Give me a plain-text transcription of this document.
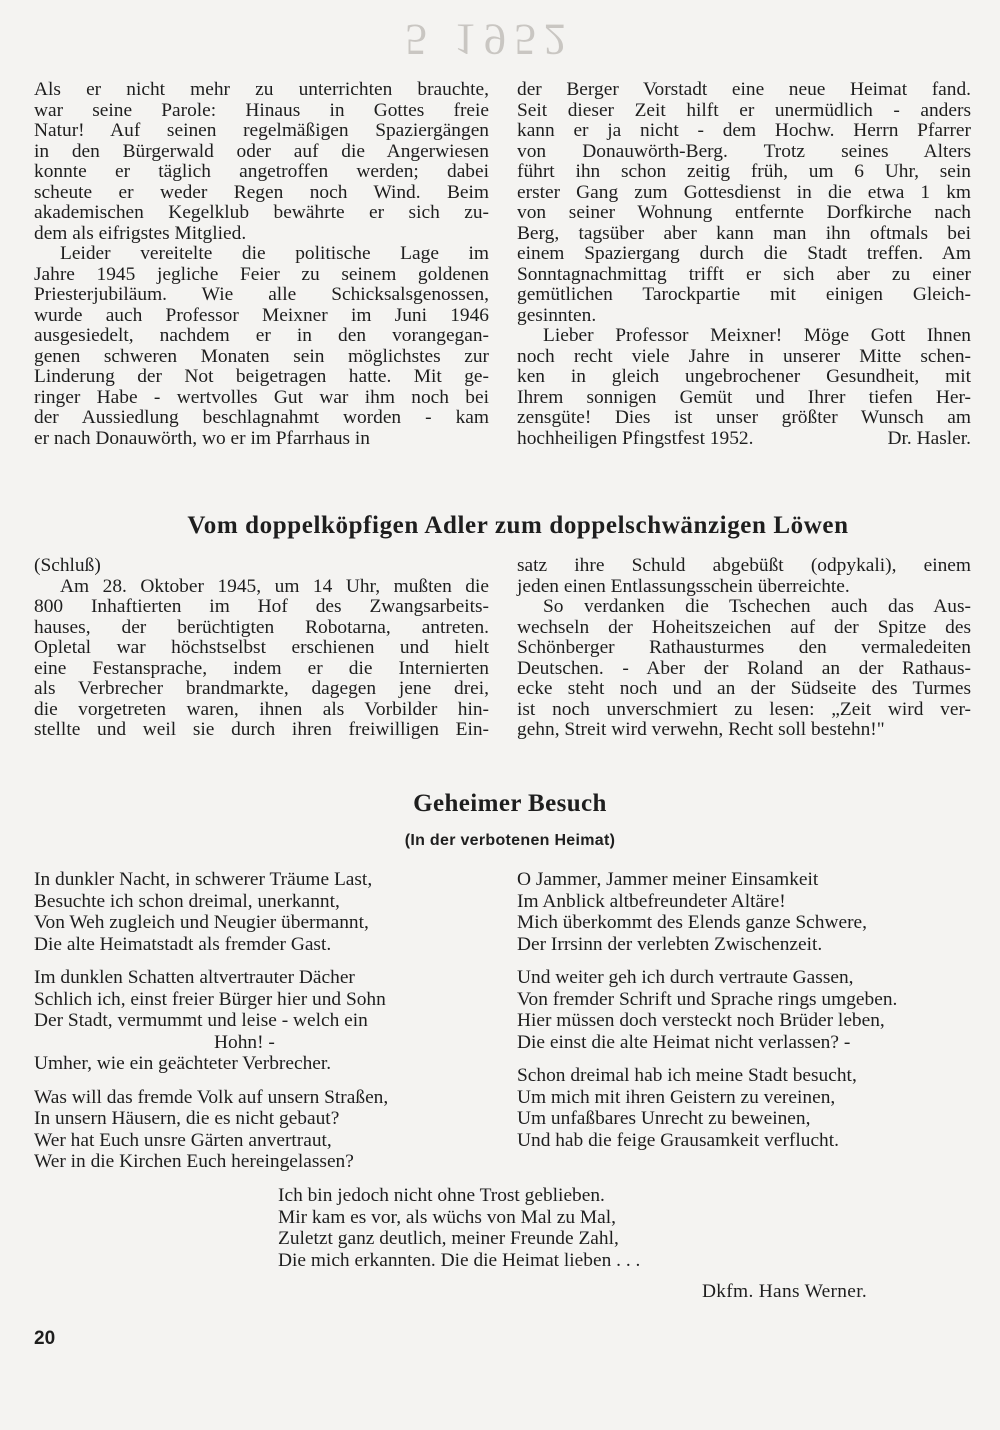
5 1952
Als er nicht mehr zu unterrichten brauchte,
war seine Parole: Hinaus in Gottes freie
Natur! Auf seinen regelmäßigen Spaziergängen
in den Bürgerwald oder auf die Angerwiesen
konnte er täglich angetroffen werden; dabei
scheute er weder Regen noch Wind. Beim
akademischen Kegelklub bewährte er sich zu-
dem als eifrigstes Mitglied.
Leider vereitelte die politische Lage im
Jahre 1945 jegliche Feier zu seinem goldenen
Priesterjubiläum. Wie alle Schicksalsgenossen,
wurde auch Professor Meixner im Juni 1946
ausgesiedelt, nachdem er in den vorangegan-
genen schweren Monaten sein möglichstes zur
Linderung der Not beigetragen hatte. Mit ge-
ringer Habe - wertvolles Gut war ihm noch bei
der Aussiedlung beschlagnahmt worden - kam
er nach Donauwörth, wo er im Pfarrhaus in
der Berger Vorstadt eine neue Heimat fand.
Seit dieser Zeit hilft er unermüdlich - anders
kann er ja nicht - dem Hochw. Herrn Pfarrer
von Donauwörth-Berg. Trotz seines Alters
führt ihn schon zeitig früh, um 6 Uhr, sein
erster Gang zum Gottesdienst in die etwa 1 km
von seiner Wohnung entfernte Dorfkirche nach
Berg, tagsüber aber kann man ihn oftmals bei
einem Spaziergang durch die Stadt treffen. Am
Sonntagnachmittag trifft er sich aber zu einer
gemütlichen Tarockpartie mit einigen Gleich-
gesinnten.
Lieber Professor Meixner! Möge Gott Ihnen
noch recht viele Jahre in unserer Mitte schen-
ken in gleich ungebrochener Gesundheit, mit
Ihrem sonnigen Gemüt und Ihrer tiefen Her-
zensgüte! Dies ist unser größter Wunsch am
hochheiligen Pfingstfest 1952.	Dr. Hasler.
Vom doppelköpfigen Adler zum doppelschwänzigen Löwen
(Schluß)
Am 28. Oktober 1945, um 14 Uhr, mußten die
800 Inhaftierten im Hof des Zwangsarbeits-
hauses, der berüchtigten Robotarna, antreten.
Opletal war höchstselbst erschienen und hielt
eine Festansprache, indem er die Internierten
als Verbrecher brandmarkte, dagegen jene drei,
die vorgetreten waren, ihnen als Vorbilder hin-
stellte und weil sie durch ihren freiwilligen Ein-
satz ihre Schuld abgebüßt (odpykali), einem
jeden einen Entlassungsschein überreichte.
So verdanken die Tschechen auch das Aus-
wechseln der Hoheitszeichen auf der Spitze des
Schönberger Rathausturmes den vermaledeiten
Deutschen. - Aber der Roland an der Rathaus-
ecke steht noch und an der Südseite des Turmes
ist noch unverschmiert zu lesen: „Zeit wird ver-
gehn, Streit wird verwehn, Recht soll bestehn!"
Geheimer Besuch
(In der verbotenen Heimat)
In dunkler Nacht, in schwerer Träume Last,
Besuchte ich schon dreimal, unerkannt,
Von Weh zugleich und Neugier übermannt,
Die alte Heimatstadt als fremder Gast.
Im dunklen Schatten altvertrauter Dächer
Schlich ich, einst freier Bürger hier und Sohn
Der Stadt, vermummt und leise - welch ein
Hohn! -
Umher, wie ein geächteter Verbrecher.
Was will das fremde Volk auf unsern Straßen,
In unsern Häusern, die es nicht gebaut?
Wer hat Euch unsre Gärten anvertraut,
Wer in die Kirchen Euch hereingelassen?
O Jammer, Jammer meiner Einsamkeit
Im Anblick altbefreundeter Altäre!
Mich überkommt des Elends ganze Schwere,
Der Irrsinn der verlebten Zwischenzeit.
Und weiter geh ich durch vertraute Gassen,
Von fremder Schrift und Sprache rings umgeben.
Hier müssen doch versteckt noch Brüder leben,
Die einst die alte Heimat nicht verlassen? -
Schon dreimal hab ich meine Stadt besucht,
Um mich mit ihren Geistern zu vereinen,
Um unfaßbares Unrecht zu beweinen,
Und hab die feige Grausamkeit verflucht.
Ich bin jedoch nicht ohne Trost geblieben.
Mir kam es vor, als wüchs von Mal zu Mal,
Zuletzt ganz deutlich, meiner Freunde Zahl,
Die mich erkannten. Die die Heimat lieben . . .
Dkfm. Hans Werner.
20
